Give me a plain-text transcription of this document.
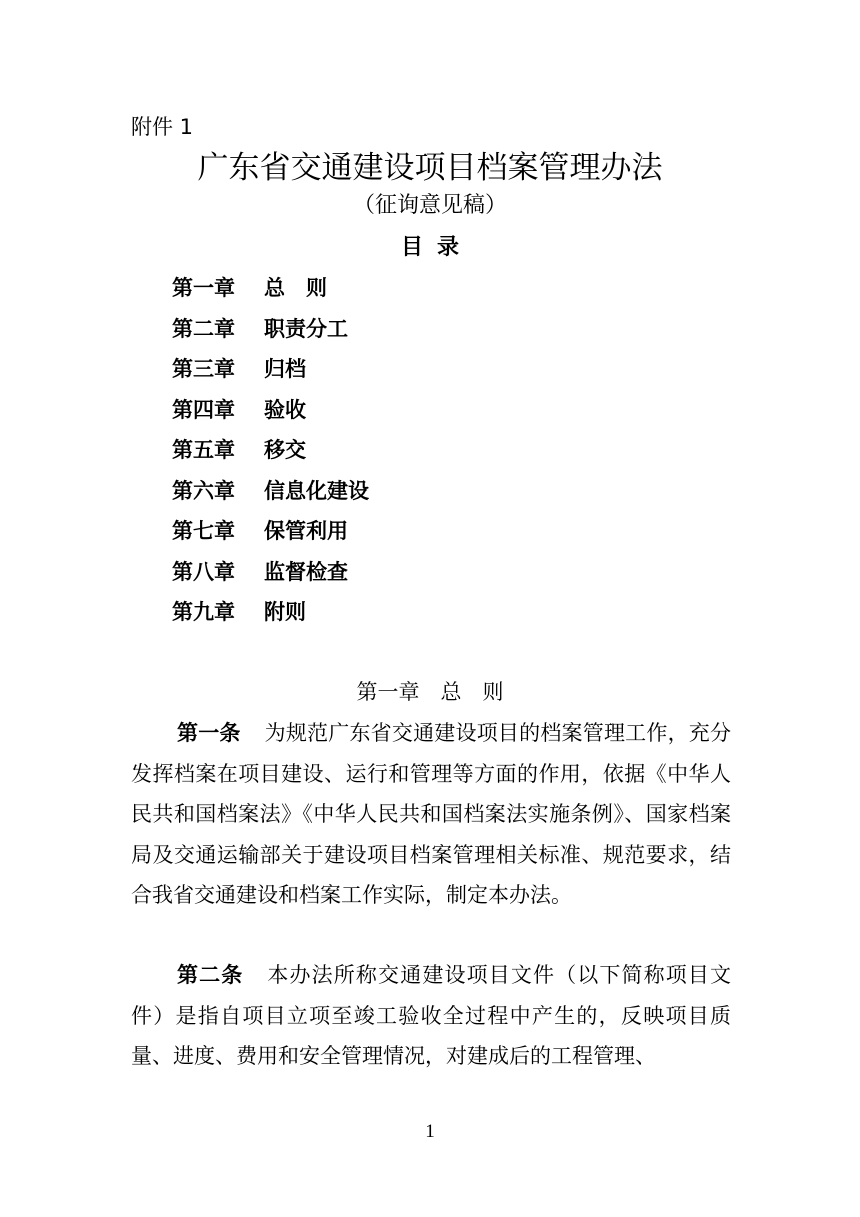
附件 1
广东省交通建设项目档案管理办法
（征询意见稿）
目录
第一章 总　则
第二章 职责分工
第三章 归档
第四章 验收
第五章 移交
第六章 信息化建设
第七章 保管利用
第八章 监督检查
第九章 附则
第一章　总　则

第一条 为规范广东省交通建设项目的档案管理工作，充分发挥档案在项目建设、运行和管理等方面的作用，依据《中华人民共和国档案法》《中华人民共和国档案法实施条例》、国家档案局及交通运输部关于建设项目档案管理相关标准、规范要求，结合我省交通建设和档案工作实际，制定本办法。

第二条 本办法所称交通建设项目文件（以下简称项目文件）是指自项目立项至竣工验收全过程中产生的，反映项目质量、进度、费用和安全管理情况，对建成后的工程管理、

1
